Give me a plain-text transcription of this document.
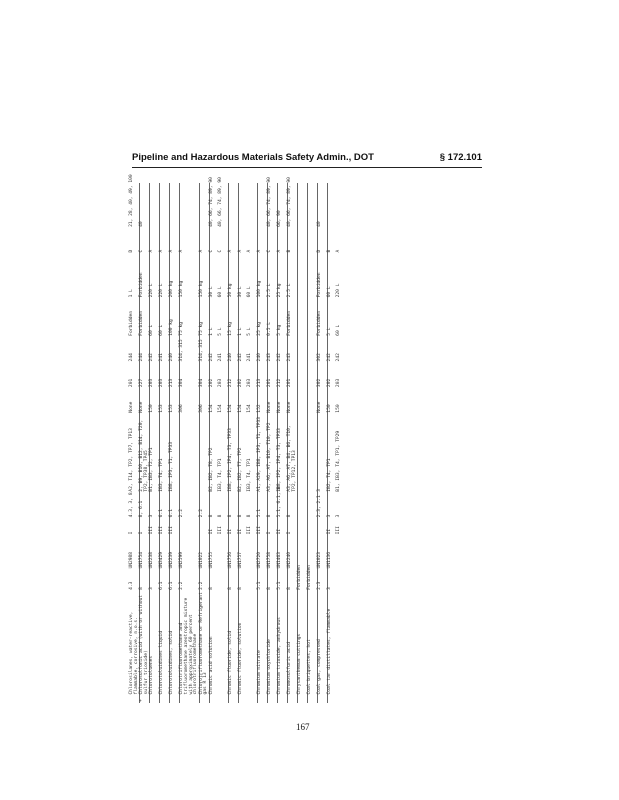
Pipeline and Hazardous Materials Safety Admin., DOT	§ 172.101
	Chlorosilanes, water-reactive, flammable, corrosive, n.o.s.	4.3	UN2988	I	4.3, 3, 8	A2, T14, TP2, TP7, TP13	None	201	244	Forbidden	1 L	D	21, 28, 40, 49, 100
+	Chlorosulfonic acid (with or without sulfur trioxide)	8	UN1754	I	8, 6.1	2, B9, B10, B12, B14, T20, TP2, TP38, TP45	None	227	244	Forbidden	Forbidden	C	40
	Chlorotoluenes	3	UN2238	III	3	B1, IB3, T2, TP1	150	203	242	60 L	220 L	A	
	Chlorotoluidines liquid	6.1	UN3429	III	6.1	IB3, T4, TP1	153	203	241	60 L	220 L	A	
	Chlorotoluidines, solid	6.1	UN2239	III	6.1	IB8, IP3, T1, TP33	153	213	240	100 kg	200 kg	A	
	Chlorotrifluoromethane and trifluoromethane azeotropic mixture with approximately 60 percent chlorotrifluoromethane	2.2	UN2599		2.2		306	304	314, 315	75 kg	150 kg	A	
	Chlorotrifluoromethane or Refrigerant gas R 13	2.2	UN1022		2.2		306	304	314, 315	75 kg	150 kg	A	
	Chromic acid solution	8	UN1755	II	8	B2, IB2, T8, TP2	154	202	242	1 L	30 L	C	40, 66, 74, 89, 90
				III	8	IB3, T4, TP1	154	203	241	5 L	60 L	C	40, 66, 74, 89, 90
	Chromic fluoride, solid	8	UN1756	II	8	IB8, IP2, IP4, T3, TP33	154	212	240	15 kg	50 kg	A	
	Chromic fluoride, solution	8	UN1757	II	8	B2, IB2, T7, TP2	154	202	242	1 L	30 L	A	
				III	8	IB3, T4, TP1	154	203	241	5 L	60 L	A	
	Chromium nitrate	5.1	UN2720	III	5.1	A1, A29, IB8, IP3, T1, TP33	152	213	240	25 kg	100 kg	A	
	Chromium oxychloride	8	UN1758	I	8	A3, A6, A7, B10, T10, TP2	None	201	243	0.5 L	2.5 L	C	40, 66, 74, 89, 90
	Chromium trioxide, anhydrous	5.1	UN1463	II	5.1, 6.1, 8	IB8, IP2, IP4, T3, TP33	None	212	242	5 kg	25 kg	A	66, 90
	Chromosulfuric acid	8	UN2240	I	8	A3, A6, A7, B4, B6, T10, TP2, TP12, TP13	None	201	243	Forbidden	2.5 L	B	40, 66, 74, 89, 90
	Chrysanthemum cuttings	Forbidden											
	Coal briquettes, hot	Forbidden											
	Coal gas, compressed	2.3	UN1023		2.3, 2.1	3	None	302	302	Forbidden	Forbidden	D	40
	Coal tar distillates, flammable	3	UN1136	II	3	IB2, T4, TP1	150	202	242	5 L	60 L	B	
				III	3	B1, IB3, T4, TP1, TP29	150	203	242	60 L	220 L	A	
167
